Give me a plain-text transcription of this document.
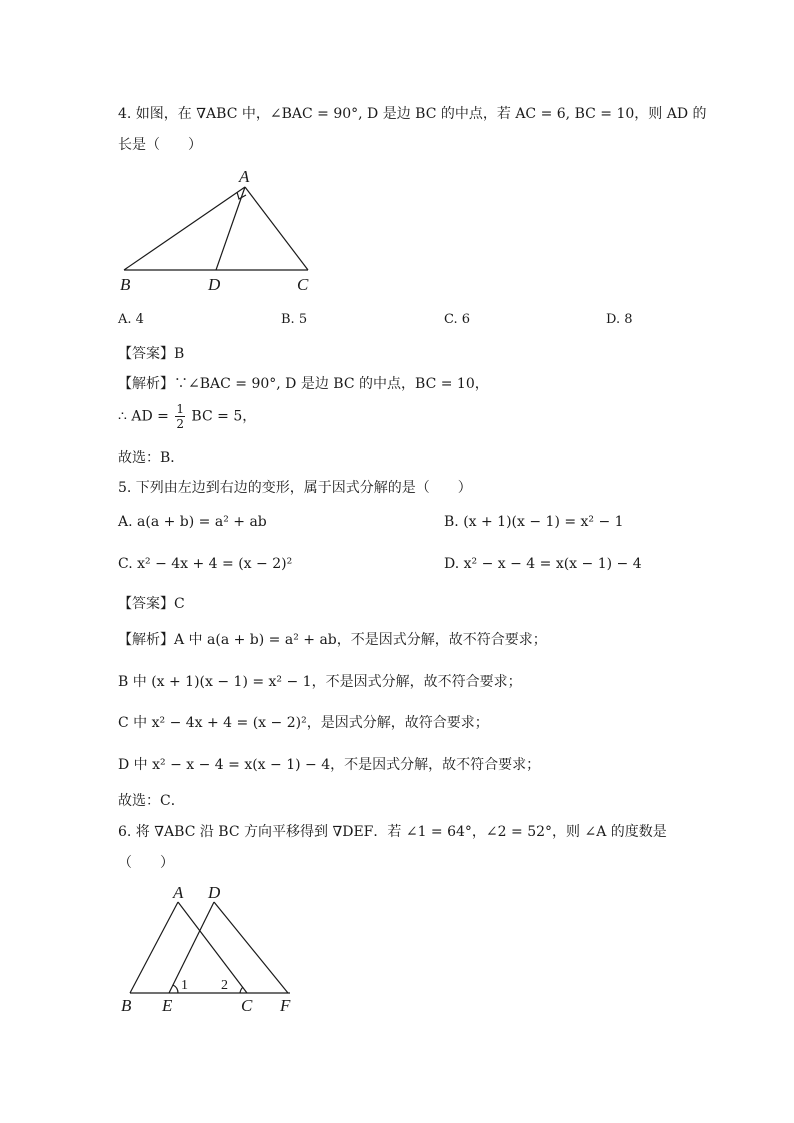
4. 如图，在 ∇ABC 中，∠BAC = 90°, D 是边 BC 的中点，若 AC = 6, BC = 10，则 AD 的
长是（　　）
A
B	D	C
A. 4	B. 5	C. 6	D. 8
【答案】B
【解析】∵∠BAC = 90°, D 是边 BC 的中点，BC = 10，
∴ AD = $\frac{1}{2}$ BC = 5，
故选：B．
5. 下列由左边到右边的变形，属于因式分解的是（　　）
A. a(a + b) = a² + ab	B. (x + 1)(x − 1) = x² − 1
C. x² − 4x + 4 = (x − 2)²	D. x² − x − 4 = x(x − 1) − 4
【答案】C
【解析】A 中 a(a + b) = a² + ab，不是因式分解，故不符合要求；
B 中 (x + 1)(x − 1) = x² − 1，不是因式分解，故不符合要求；
C 中 x² − 4x + 4 = (x − 2)²，是因式分解，故符合要求；
D 中 x² − x − 4 = x(x − 1) − 4，不是因式分解，故不符合要求；
故选：C．
6. 将 ∇ABC 沿 BC 方向平移得到 ∇DEF．若 ∠1 = 64°，∠2 = 52°，则 ∠A 的度数是
（　　）
A D
B E	C F
1 2
